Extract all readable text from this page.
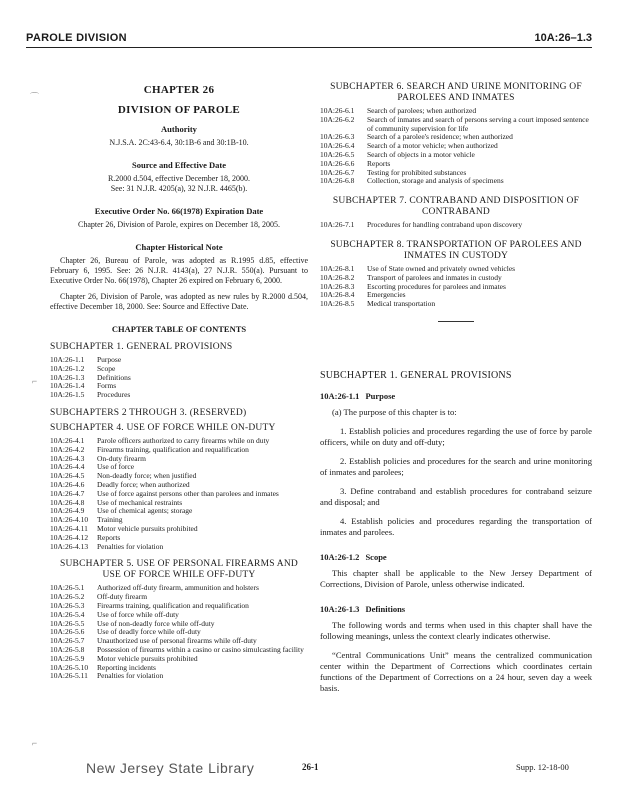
PAROLE DIVISION	10A:26–1.3
⌒
⌐
⌐
CHAPTER 26
DIVISION OF PAROLE
Authority

N.J.S.A. 2C:43-6.4, 30:1B-6 and 30:1B-10.

Source and Effective Date

R.2000 d.504, effective December 18, 2000.

See: 31 N.J.R. 4205(a), 32 N.J.R. 4465(b).

Executive Order No. 66(1978) Expiration Date

Chapter 26, Division of Parole, expires on December 18, 2005.

Chapter Historical Note

Chapter 26, Bureau of Parole, was adopted as R.1995 d.85, effective February 6, 1995. See: 26 N.J.R. 4143(a), 27 N.J.R. 550(a). Pursuant to Executive Order No. 66(1978), Chapter 26 expired on February 6, 2000.

Chapter 26, Division of Parole, was adopted as new rules by R.2000 d.504, effective December 18, 2000. See: Source and Effective Date.

CHAPTER TABLE OF CONTENTS
SUBCHAPTER 1. GENERAL PROVISIONS
10A:26-1.1	Purpose
10A:26-1.2	Scope
10A:26-1.3	Definitions
10A:26-1.4	Forms
10A:26-1.5	Procedures
SUBCHAPTERS 2 THROUGH 3. (RESERVED)
SUBCHAPTER 4. USE OF FORCE WHILE ON-DUTY
10A:26-4.1	Parole officers authorized to carry firearms while on duty
10A:26-4.2	Firearms training, qualification and requalification
10A:26-4.3	On-duty firearm
10A:26-4.4	Use of force
10A:26-4.5	Non-deadly force; when justified
10A:26-4.6	Deadly force; when authorized
10A:26-4.7	Use of force against persons other than parolees and inmates
10A:26-4.8	Use of mechanical restraints
10A:26-4.9	Use of chemical agents; storage
10A:26-4.10	Training
10A:26-4.11	Motor vehicle pursuits prohibited
10A:26-4.12	Reports
10A:26-4.13	Penalties for violation
SUBCHAPTER 5. USE OF PERSONAL FIREARMS AND USE OF FORCE WHILE OFF-DUTY
10A:26-5.1	Authorized off-duty firearm, ammunition and holsters
10A:26-5.2	Off-duty firearm
10A:26-5.3	Firearms training, qualification and requalification
10A:26-5.4	Use of force while off-duty
10A:26-5.5	Use of non-deadly force while off-duty
10A:26-5.6	Use of deadly force while off-duty
10A:26-5.7	Unauthorized use of personal firearms while off-duty
10A:26-5.8	Possession of firearms within a casino or casino simulcasting facility
10A:26-5.9	Motor vehicle pursuits prohibited
10A:26-5.10	Reporting incidents
10A:26-5.11	Penalties for violation
SUBCHAPTER 6. SEARCH AND URINE MONITORING OF PAROLEES AND INMATES
10A:26-6.1	Search of parolees; when authorized
10A:26-6.2	Search of inmates and search of persons serving a court imposed sentence of community supervision for life
10A:26-6.3	Search of a parolee's residence; when authorized
10A:26-6.4	Search of a motor vehicle; when authorized
10A:26-6.5	Search of objects in a motor vehicle
10A:26-6.6	Reports
10A:26-6.7	Testing for prohibited substances
10A:26-6.8	Collection, storage and analysis of specimens
SUBCHAPTER 7. CONTRABAND AND DISPOSITION OF CONTRABAND
10A:26-7.1	Procedures for handling contraband upon discovery
SUBCHAPTER 8. TRANSPORTATION OF PAROLEES AND INMATES IN CUSTODY
10A:26-8.1	Use of State owned and privately owned vehicles
10A:26-8.2	Transport of parolees and inmates in custody
10A:26-8.3	Escorting procedures for parolees and inmates
10A:26-8.4	Emergencies
10A:26-8.5	Medical transportation
SUBCHAPTER 1. GENERAL PROVISIONS
10A:26-1.1 Purpose

(a) The purpose of this chapter is to:

1. Establish policies and procedures regarding the use of force by parole officers, while on duty and off-duty;

2. Establish policies and procedures for the search and urine monitoring of inmates and parolees;

3. Define contraband and establish procedures for contraband seizure and disposal; and

4. Establish policies and procedures regarding the transportation of inmates and parolees.

10A:26-1.2 Scope

This chapter shall be applicable to the New Jersey Department of Corrections, Division of Parole, unless otherwise indicated.

10A:26-1.3 Definitions

The following words and terms when used in this chapter shall have the following meanings, unless the context clearly indicates otherwise.

“Central Communications Unit” means the centralized communication center within the Department of Corrections which coordinates certain functions of the Department of Corrections on a 24 hour, seven day a week basis.

New Jersey State Library	26-1	Supp. 12-18-00
